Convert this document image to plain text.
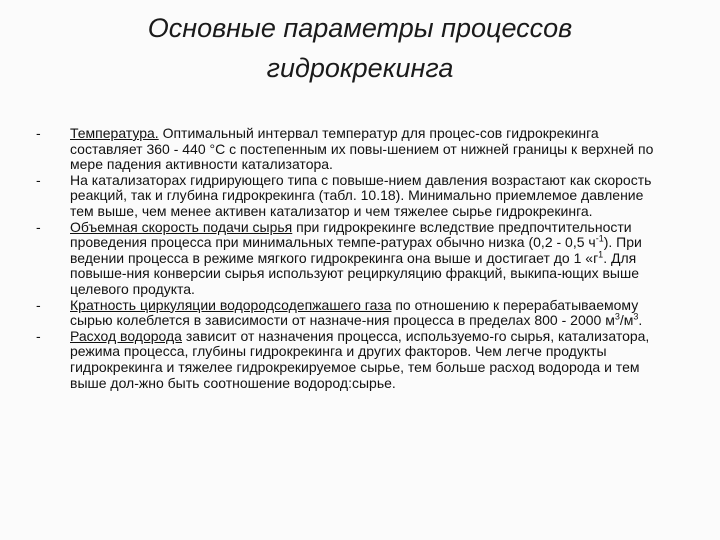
Основные параметры процессов
гидрокрекинга
- Температура. Оптимальный интервал температур для процес-сов гидрокрекинга составляет 360 - 440 °С с постепенным их повы-шением от нижней границы к верхней по мере падения активности катализатора.
- На катализаторах гидрирующего типа с повыше-нием давления возрастают как скорость реакций, так и глубина гидрокрекинга (табл. 10.18). Минимально приемлемое давление тем выше, чем менее активен катализатор и чем тяжелее сырье гидрокрекинга.
- Объемная скорость подачи сырья при гидрокрекинге вследствие предпочтительности проведения процесса при минимальных темпе-ратурах обычно низка (0,2 - 0,5 $ч^{-1}$). При ведении процесса в режиме мягкого гидрокрекинга она выше и достигает до 1 «$г^1$. Для повыше-ния конверсии сырья используют рециркуляцию фракций, выкипа-ющих выше целевого продукта.
- Кратность циркуляции водородсодепжашего газа по отношению к перерабатываемому сырью колеблется в зависимости от назначе-ния процесса в пределах 800 - 2000 $м^3/м^3$.
- Расход водорода зависит от назначения процесса, используемо-го сырья, катализатора, режима процесса, глубины гидрокрекинга и других факторов. Чем легче продукты гидрокрекинга и тяжелее гидрокрекируемое сырье, тем больше расход водорода и тем выше дол-жно быть соотношение водород:сырье.
